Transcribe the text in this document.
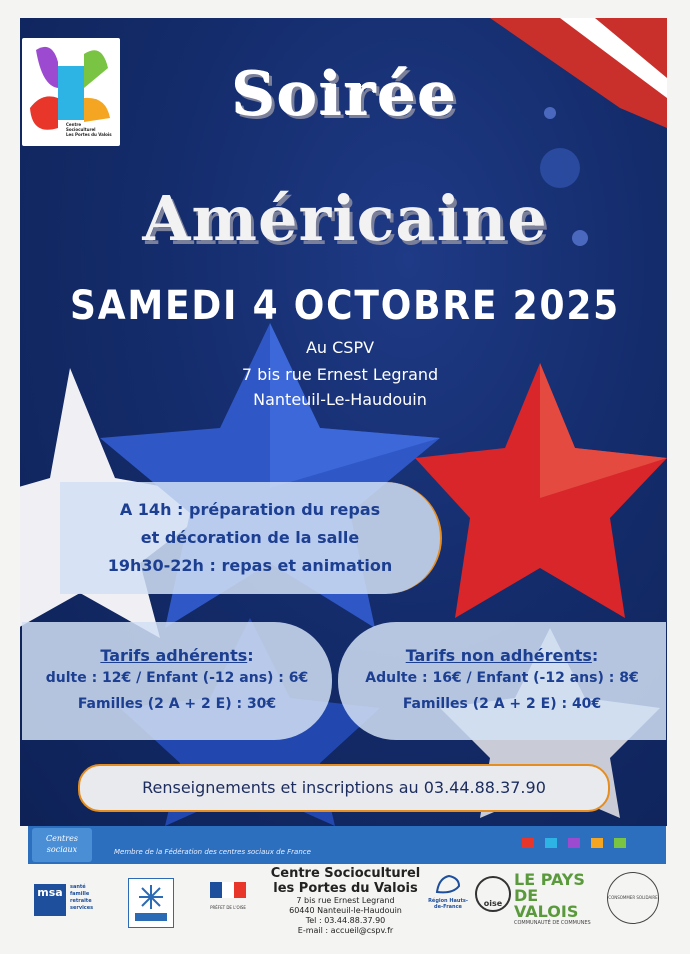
Centre
Socioculturel
Les Portes du Valois
Soirée
Américaine
SAMEDI 4 OCTOBRE 2025
Au CSPV
7 bis rue Ernest Legrand
Nanteuil-Le-Haudouin
A 14h : préparation du repas
et décoration de la salle
19h30-22h : repas et animation
Tarifs adhérents:
dulte : 12€ / Enfant (-12 ans) : 6€
Familles (2 A + 2 E) : 30€
Tarifs non adhérents:
Adulte : 16€ / Enfant (-12 ans) : 8€
Familles (2 A + 2 E) : 40€
Renseignements et inscriptions au 03.44.88.37.90
Centres sociaux	Membre de la Fédération des centres sociaux de France
msa	santé
famille
retraite
services	PRÉFET DE L'OISE
Centre Socioculturel
les Portes du Valois
7 bis rue Ernest Legrand
60440 Nanteuil-le-Haudouin
Tel : 03.44.88.37.90
E-mail : accueil@cspv.fr
Région Hauts-de-France	oise
LE PAYS
DE VALOIS
COMMUNAUTÉ DE COMMUNES
CONSOMMER SOLIDAIRE
